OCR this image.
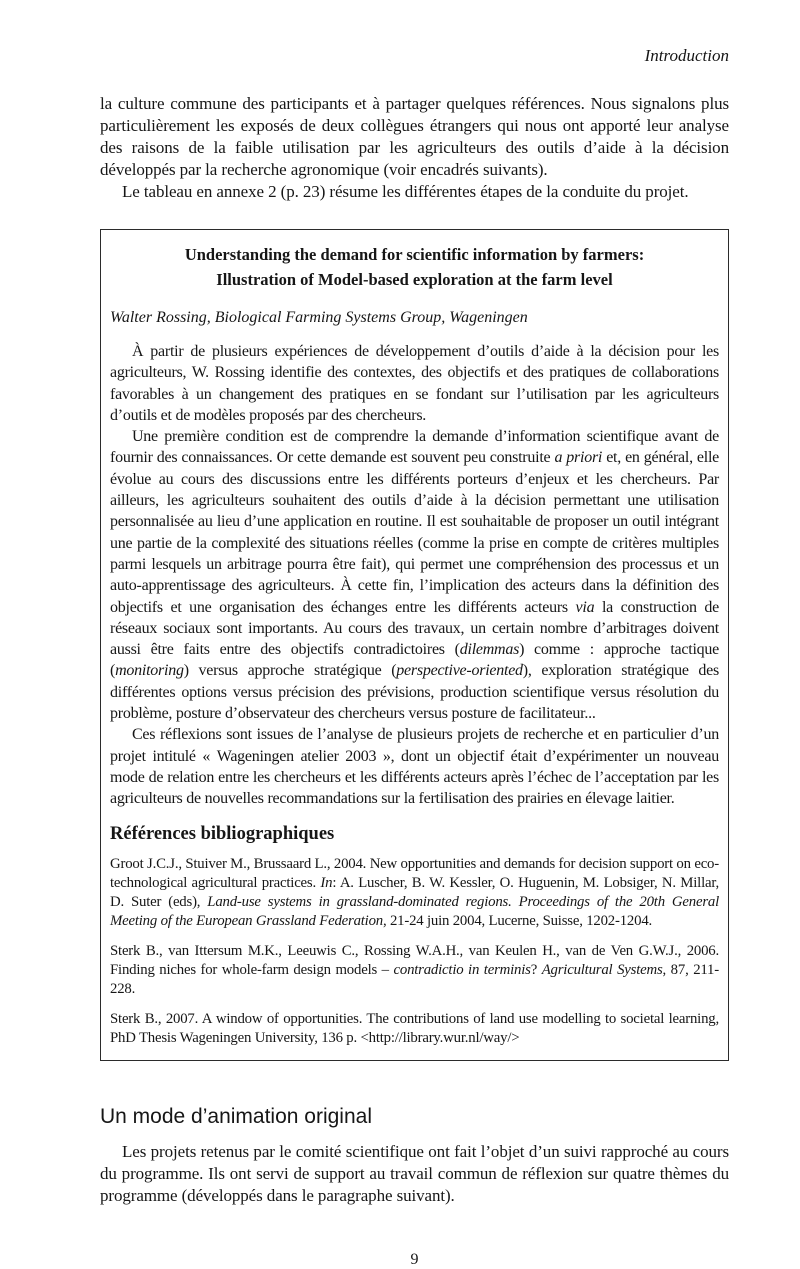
Introduction

la culture commune des participants et à partager quelques références. Nous signalons plus particulièrement les exposés de deux collègues étrangers qui nous ont apporté leur analyse des raisons de la faible utilisation par les agriculteurs des outils d’aide à la décision développés par la recherche agronomique (voir encadrés suivants).

Le tableau en annexe 2 (p. 23) résume les différentes étapes de la conduite du projet.

Understanding the demand for scientific information by farmers:
Illustration of Model-based exploration at the farm level

Walter Rossing, Biological Farming Systems Group, Wageningen

À partir de plusieurs expériences de développement d’outils d’aide à la décision pour les agriculteurs, W. Rossing identifie des contextes, des objectifs et des pratiques de collaborations favorables à un changement des pratiques en se fondant sur l’utilisation par les agriculteurs d’outils et de modèles proposés par des chercheurs.

Une première condition est de comprendre la demande d’information scientifique avant de fournir des connaissances. Or cette demande est souvent peu construite a priori et, en général, elle évolue au cours des discussions entre les différents porteurs d’enjeux et les chercheurs. Par ailleurs, les agriculteurs souhaitent des outils d’aide à la décision permettant une utilisation personnalisée au lieu d’une application en routine. Il est souhaitable de proposer un outil intégrant une partie de la complexité des situations réelles (comme la prise en compte de critères multiples parmi lesquels un arbitrage pourra être fait), qui permet une compréhension des processus et un auto-apprentissage des agriculteurs. À cette fin, l’implication des acteurs dans la définition des objectifs et une organisation des échanges entre les différents acteurs via la construction de réseaux sociaux sont importants. Au cours des travaux, un certain nombre d’arbitrages doivent aussi être faits entre des objectifs contradictoires (dilemmas) comme : approche tactique (monitoring) versus approche stratégique (perspective-oriented), exploration stratégique des différentes options versus précision des prévisions, production scientifique versus résolution du problème, posture d’observateur des chercheurs versus posture de facilitateur...

Ces réflexions sont issues de l’analyse de plusieurs projets de recherche et en particulier d’un projet intitulé « Wageningen atelier 2003 », dont un objectif était d’expérimenter un nouveau mode de relation entre les chercheurs et les différents acteurs après l’échec de l’acceptation par les agriculteurs de nouvelles recommandations sur la fertilisation des prairies en élevage laitier.

Références bibliographiques

Groot J.C.J., Stuiver M., Brussaard L., 2004. New opportunities and demands for decision support on eco-technological agricultural practices. In: A. Luscher, B. W. Kessler, O. Huguenin, M. Lobsiger, N. Millar, D. Suter (eds), Land-use systems in grassland-dominated regions. Proceedings of the 20th General Meeting of the European Grassland Federation, 21-24 juin 2004, Lucerne, Suisse, 1202-1204.

Sterk B., van Ittersum M.K., Leeuwis C., Rossing W.A.H., van Keulen H., van de Ven G.W.J., 2006. Finding niches for whole-farm design models – contradictio in terminis? Agricultural Systems, 87, 211-228.

Sterk B., 2007. A window of opportunities. The contributions of land use modelling to societal learning, PhD Thesis Wageningen University, 136 p. <http://library.wur.nl/way/>

Un mode d’animation original

Les projets retenus par le comité scientifique ont fait l’objet d’un suivi rapproché au cours du programme. Ils ont servi de support au travail commun de réflexion sur quatre thèmes du programme (développés dans le paragraphe suivant).

9
